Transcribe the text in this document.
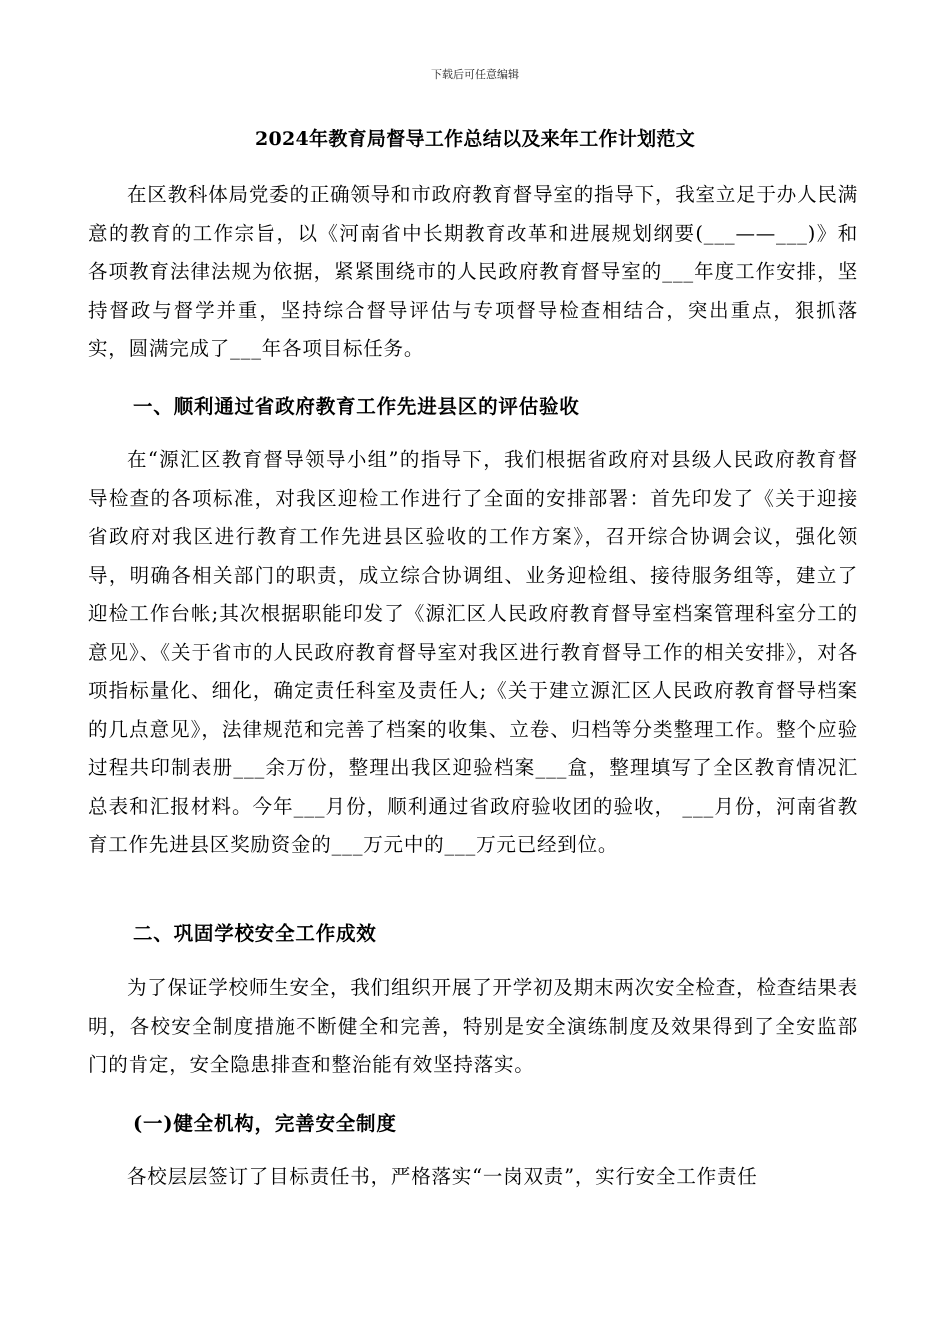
下载后可任意编辑
2024年教育局督导工作总结以及来年工作计划范文

在区教科体局党委的正确领导和市政府教育督导室的指导下，我室立足于办人民满意的教育的工作宗旨，以《河南省中长期教育改革和进展规划纲要(___——___)》和各项教育法律法规为依据，紧紧围绕市的人民政府教育督导室的___年度工作安排，坚持督政与督学并重，坚持综合督导评估与专项督导检查相结合，突出重点，狠抓落实，圆满完成了___年各项目标任务。

一、顺利通过省政府教育工作先进县区的评估验收

在“源汇区教育督导领导小组”的指导下，我们根据省政府对县级人民政府教育督导检查的各项标准，对我区迎检工作进行了全面的安排部署：首先印发了《关于迎接省政府对我区进行教育工作先进县区验收的工作方案》，召开综合协调会议，强化领导，明确各相关部门的职责，成立综合协调组、业务迎检组、接待服务组等，建立了迎检工作台帐;其次根据职能印发了《源汇区人民政府教育督导室档案管理科室分工的意见》、《关于省市的人民政府教育督导室对我区进行教育督导工作的相关安排》，对各项指标量化、细化，确定责任科室及责任人;《关于建立源汇区人民政府教育督导档案的几点意见》，法律规范和完善了档案的收集、立卷、归档等分类整理工作。整个应验过程共印制表册___余万份，整理出我区迎验档案___盒，整理填写了全区教育情况汇总表和汇报材料。今年___月份，顺利通过省政府验收团的验收， ___月份，河南省教育工作先进县区奖励资金的___万元中的___万元已经到位。

二、巩固学校安全工作成效

为了保证学校师生安全，我们组织开展了开学初及期末两次安全检查，检查结果表明，各校安全制度措施不断健全和完善，特别是安全演练制度及效果得到了全安监部门的肯定，安全隐患排查和整治能有效坚持落实。

(一)健全机构，完善安全制度

各校层层签订了目标责任书，严格落实“一岗双责”，实行安全工作责任
